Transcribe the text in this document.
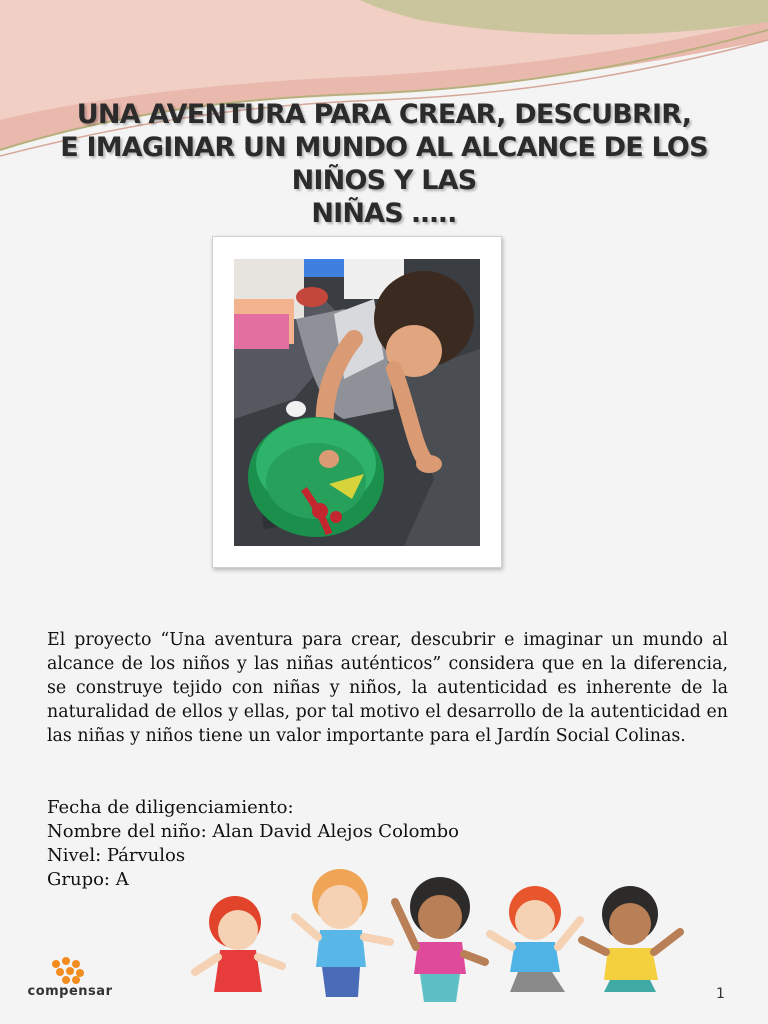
UNA AVENTURA PARA CREAR, DESCUBRIR,
E IMAGINAR UN MUNDO AL ALCANCE DE LOS NIÑOS Y LAS
NIÑAS …..

El proyecto “Una aventura para crear, descubrir e imaginar un mundo al alcance de los niños y las niñas auténticos” considera que en la diferencia, se construye tejido con niñas y niños, la autenticidad es inherente de la naturalidad de ellos y ellas, por tal motivo el desarrollo de la autenticidad en las niñas y niños tiene un valor importante para el Jardín Social Colinas.

Fecha de diligenciamiento:
Nombre del niño: Alan David Alejos Colombo
Nivel: Párvulos
Grupo: A
compensar	1
